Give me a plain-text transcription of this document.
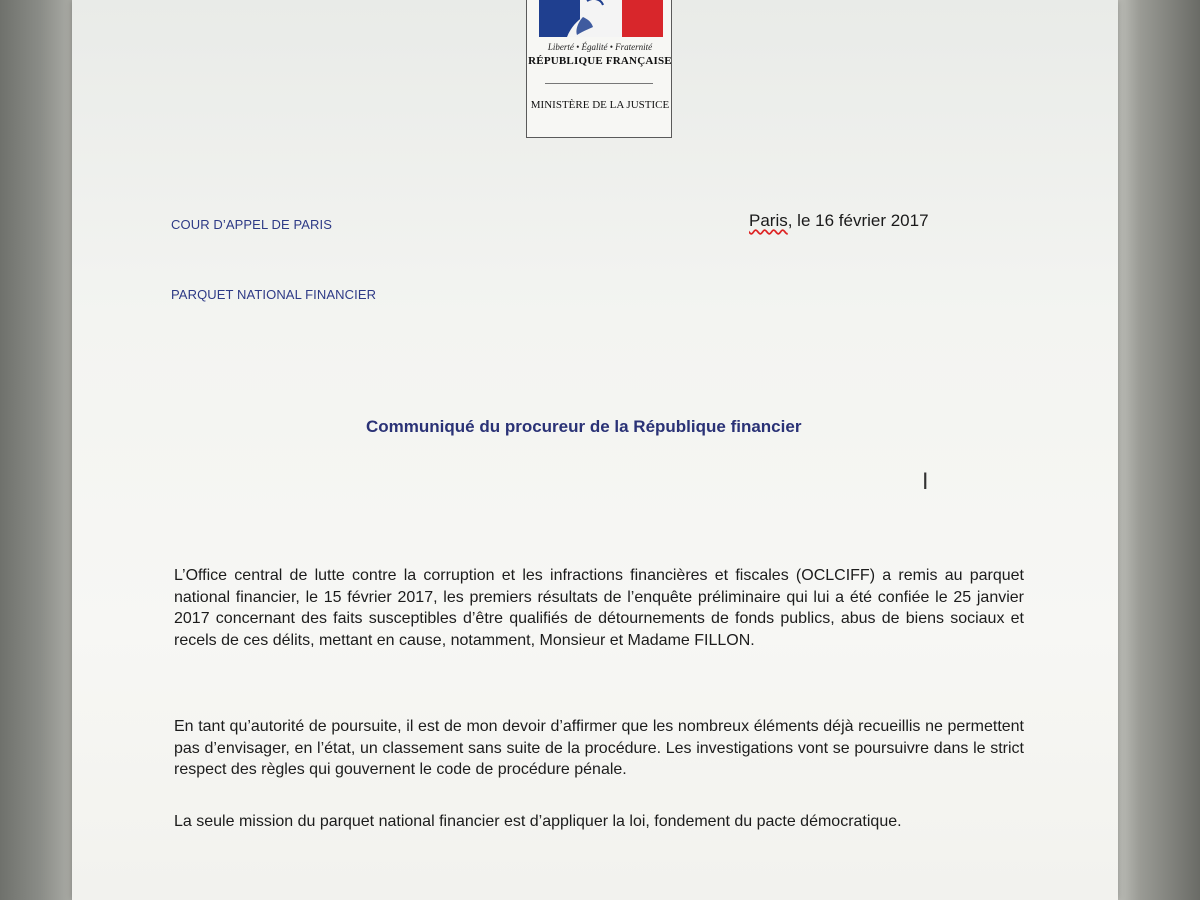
Liberté • Égalité • Fraternité
RÉPUBLIQUE FRANÇAISE
MINISTÈRE DE LA JUSTICE
COUR D’APPEL DE PARIS
PARQUET NATIONAL FINANCIER
Paris, le 16 février 2017
Communiqué du procureur de la République financier
I
L’Office central de lutte contre la corruption et les infractions financières et fiscales (OCLCIFF) a remis au parquet national financier, le 15 février 2017, les premiers résultats de l’enquête préliminaire qui lui a été confiée le 25 janvier 2017 concernant des faits susceptibles d’être qualifiés de détournements de fonds publics, abus de biens sociaux et recels de ces délits, mettant en cause, notamment, Monsieur et Madame FILLON.
En tant qu’autorité de poursuite, il est de mon devoir d’affirmer que les nombreux éléments déjà recueillis ne permettent pas d’envisager, en l’état, un classement sans suite de la procédure. Les investigations vont se poursuivre dans le strict respect des règles qui gouvernent le code de procédure pénale.
La seule mission du parquet national financier est d’appliquer la loi, fondement du pacte démocratique.
